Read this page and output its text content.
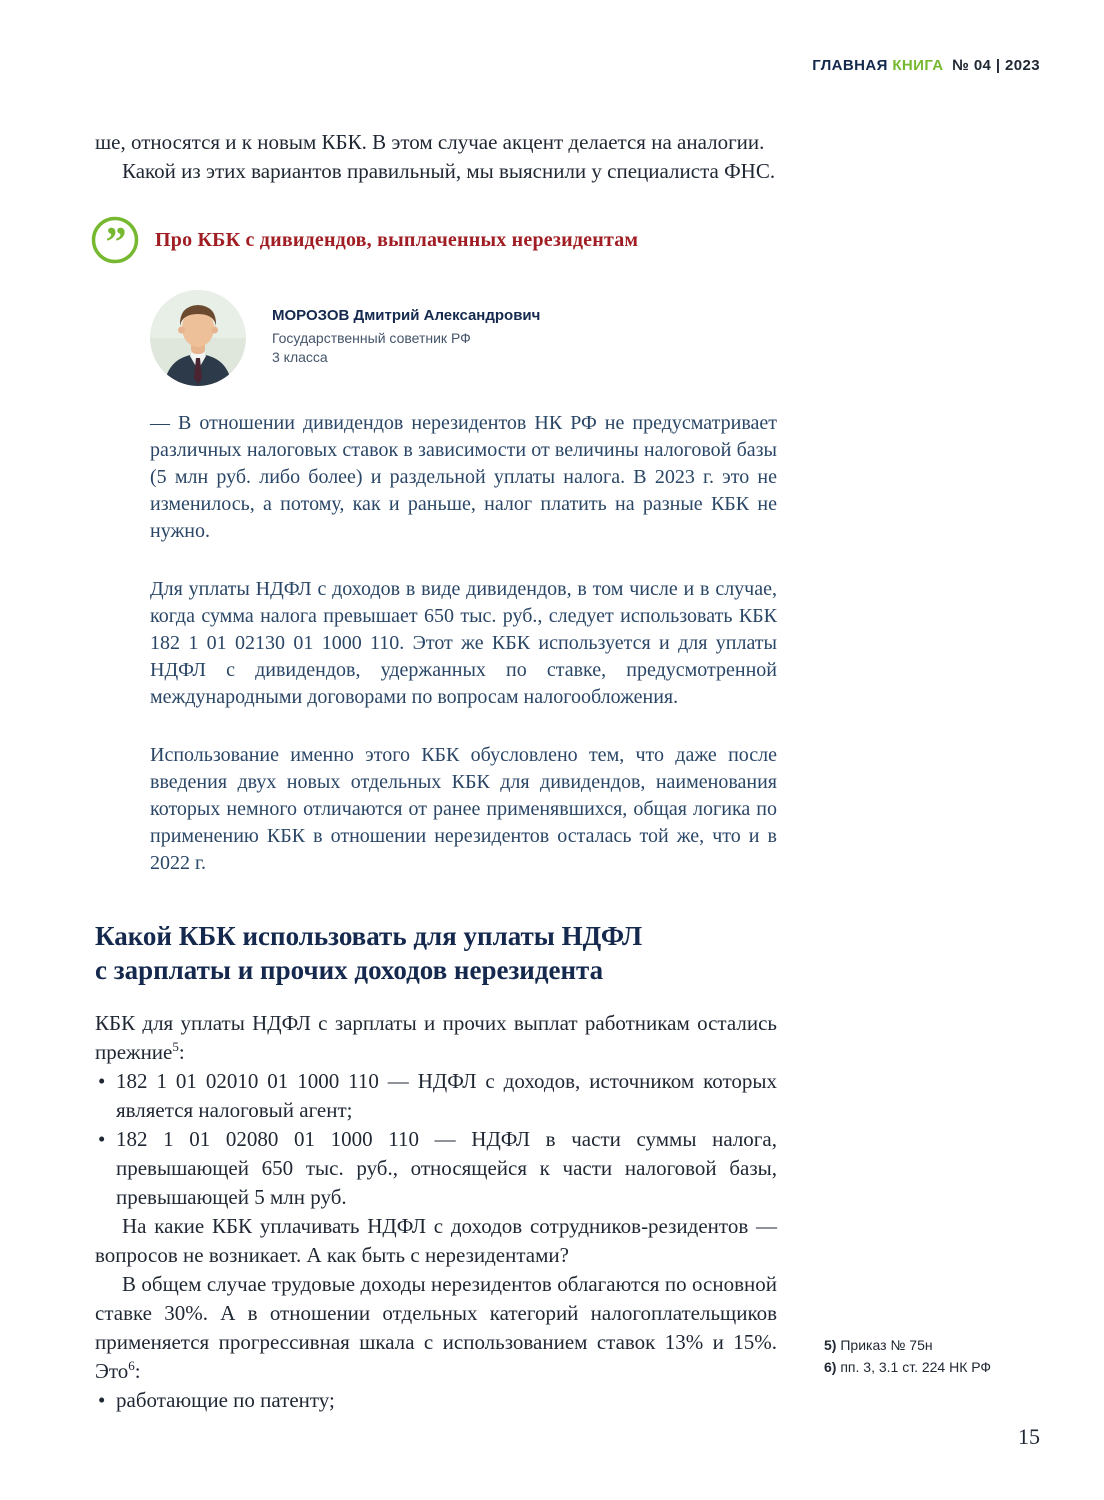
ГЛАВНАЯ КНИГА № 04 | 2023

ше, относятся и к новым КБК. В этом случае акцент делается на аналогии.

Какой из этих вариантов правильный, мы выяснили у специалиста ФНС.

” Про КБК с дивидендов, выплаченных нерезидентам
МОРОЗОВ Дмитрий Александрович
Государственный советник РФ
3 класса

— В отношении дивидендов нерезидентов НК РФ не предусматривает различных налоговых ставок в зависимости от величины налоговой базы (5 млн руб. либо более) и раздельной уплаты налога. В 2023 г. это не изменилось, а потому, как и раньше, налог платить на разные КБК не нужно.

Для уплаты НДФЛ с доходов в виде дивидендов, в том числе и в случае, когда сумма налога превышает 650 тыс. руб., следует использовать КБК 182 1 01 02130 01 1000 110. Этот же КБК используется и для уплаты НДФЛ с дивидендов, удержанных по ставке, предусмотренной международными договорами по вопросам налогообложения.

Использование именно этого КБК обусловлено тем, что даже после введения двух новых отдельных КБК для дивидендов, наименования которых немного отличаются от ранее применявшихся, общая логика по применению КБК в отношении нерезидентов осталась той же, что и в 2022 г.

Какой КБК использовать для уплаты НДФЛ
с зарплаты и прочих доходов нерезидента

КБК для уплаты НДФЛ с зарплаты и прочих выплат работникам остались прежние$^5$:

• 182 1 01 02010 01 1000 110 — НДФЛ с доходов, источником которых является налоговый агент;

• 182 1 01 02080 01 1000 110 — НДФЛ в части суммы налога, превышающей 650 тыс. руб., относящейся к части налоговой базы, превышающей 5 млн руб.

На какие КБК уплачивать НДФЛ с доходов сотрудников-резидентов — вопросов не возникает. А как быть с нерезидентами?

В общем случае трудовые доходы нерезидентов облагаются по основной ставке 30%. А в отношении отдельных категорий налогоплательщиков применяется прогрессивная шкала с использованием ставок 13% и 15%. Это$^6$:

• работающие по патенту;

5) Приказ № 75н

6) пп. 3, 3.1 ст. 224 НК РФ

15
